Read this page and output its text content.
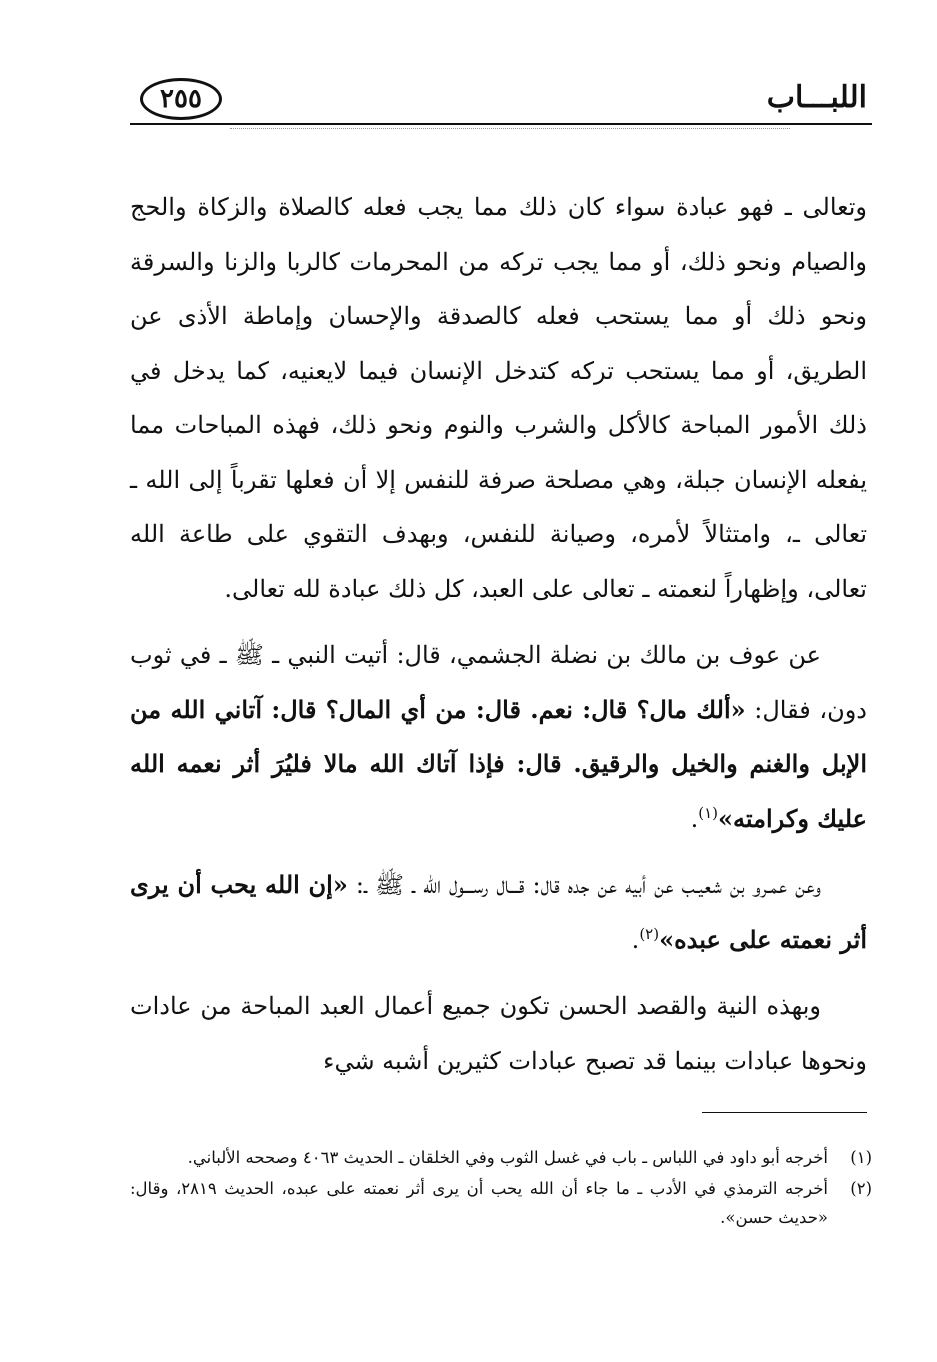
اللبـــاب
٢٥٥

وتعالى ـ فهو عبادة سواء كان ذلك مما يجب فعله كالصلاة والزكاة والحج والصيام ونحو ذلك، أو مما يجب تركه من المحرمات كالربا والزنا والسرقة ونحو ذلك أو مما يستحب فعله كالصدقة والإحسان وإماطة الأذى عن الطريق، أو مما يستحب تركه كتدخل الإنسان فيما لايعنيه، كما يدخل في ذلك الأمور المباحة كالأكل والشرب والنوم ونحو ذلك، فهذه المباحات مما يفعله الإنسان جبلة، وهي مصلحة صرفة للنفس إلا أن فعلها تقرباً إلى الله ـ تعالى ـ، وامتثالاً لأمره، وصيانة للنفس، وبهدف التقوي على طاعة الله تعالى، وإظهاراً لنعمته ـ تعالى على العبد، كل ذلك عبادة لله تعالى.

عن عوف بن مالك بن نضلة الجشمي، قال: أتيت النبي ـ ﷺ ـ في ثوب دون، فقال: «ألك مال؟ قال: نعم. قال: من أي المال؟ قال: آتاني الله من الإبل والغنم والخيل والرقيق. قال: فإذا آتاك الله مالا فليُرَ أثر نعمه الله عليك وكرامته»$^{(١)}$.

وعن عمـرو بن شعيـب عن أبيه عن جده قال: قـــال رســـول الله ـ ﷺ ـ: «إن الله يحب أن يرى أثر نعمته على عبده»$^{(٢)}$.

وبهذه النية والقصد الحسن تكون جميع أعمال العبد المباحة من عادات ونحوها عبادات بينما قد تصبح عبادات كثيرين أشبه شيء

(١)
أخرجه أبو داود في اللباس ـ باب في غسل الثوب وفي الخلقان ـ الحديث ٤٠٦٣ وصححه الألباني.
(٢)
أخرجه الترمذي في الأدب ـ ما جاء أن الله يحب أن يرى أثر نعمته على عبده، الحديث ٢٨١٩، وقال: «حديث حسن».
